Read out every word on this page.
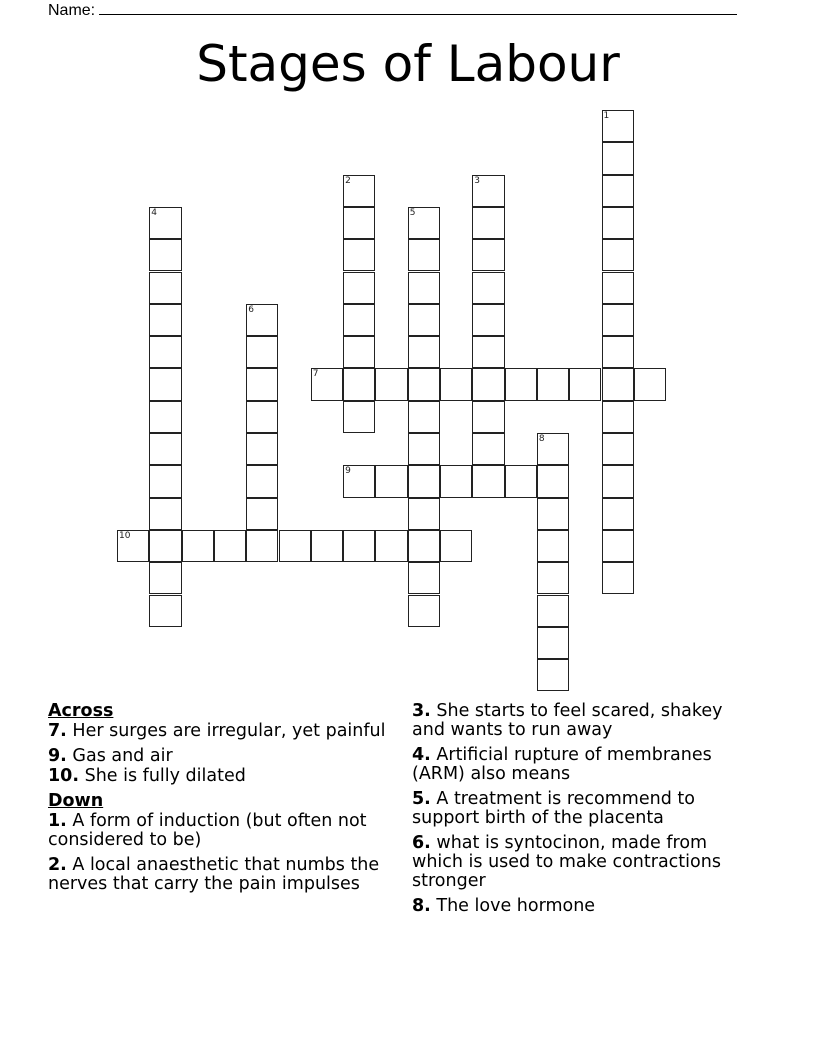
Name:
Stages of Labour
1
2	3
4	5
6
7
8
9
10
Across
7. Her surges are irregular, yet painful
9. Gas and air
10. She is fully dilated
Down
1. A form of induction (but often not considered to be)
2. A local anaesthetic that numbs the nerves that carry the pain impulses
3. She starts to feel scared, shakey and wants to run away
4. Artificial rupture of membranes (ARM) also means
5. A treatment is recommend to support birth of the placenta
6. what is syntocinon, made from which is used to make contractions stronger
8. The love hormone
